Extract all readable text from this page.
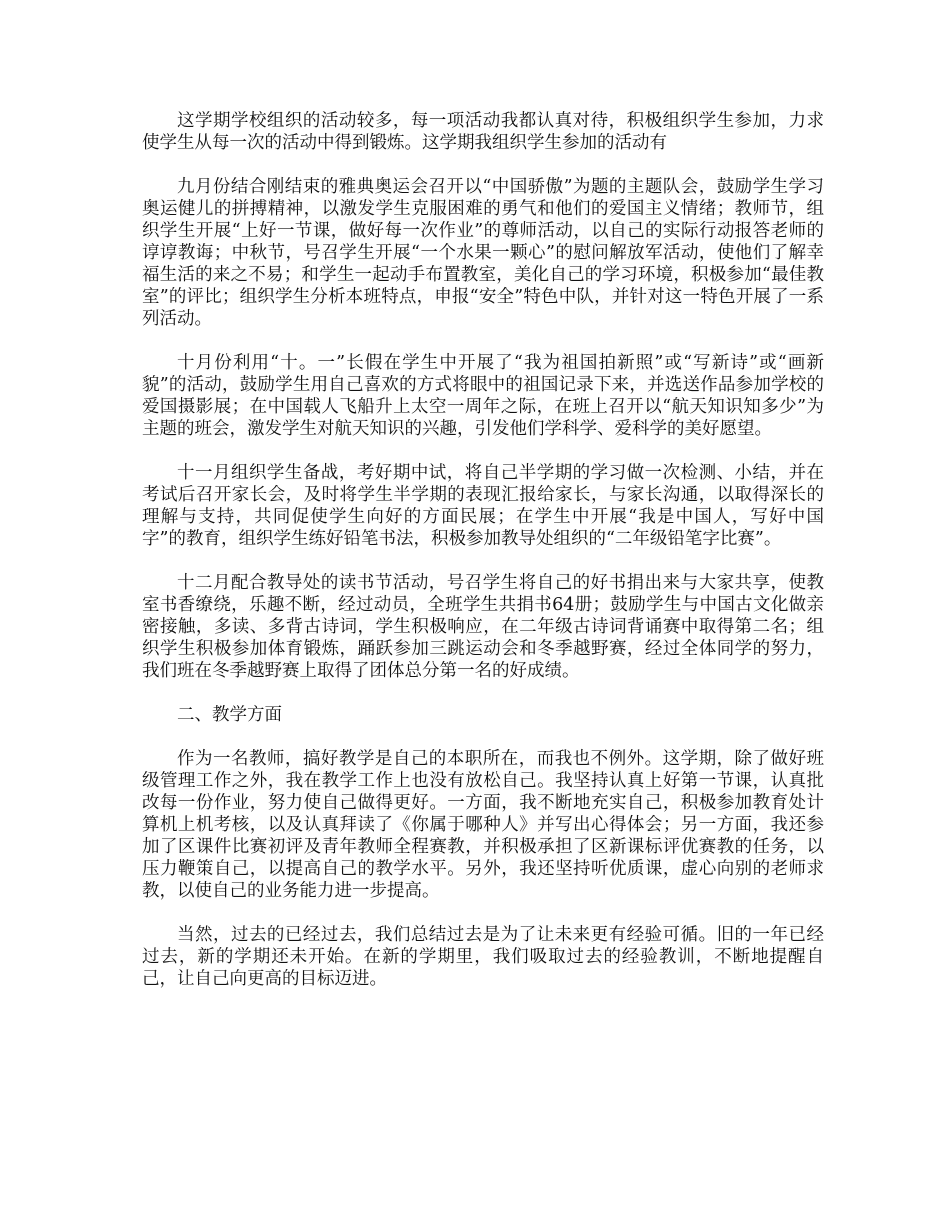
这学期学校组织的活动较多，每一项活动我都认真对待，积极组织学生参加，力求使学生从每一次的活动中得到锻炼。这学期我组织学生参加的活动有

九月份结合刚结束的雅典奥运会召开以“中国骄傲”为题的主题队会，鼓励学生学习奥运健儿的拼搏精神，以激发学生克服困难的勇气和他们的爱国主义情绪；教师节，组织学生开展“上好一节课，做好每一次作业”的尊师活动，以自己的实际行动报答老师的谆谆教诲；中秋节，号召学生开展“一个水果一颗心”的慰问解放军活动，使他们了解幸福生活的来之不易；和学生一起动手布置教室，美化自己的学习环境，积极参加“最佳教室”的评比；组织学生分析本班特点，申报“安全”特色中队，并针对这一特色开展了一系列活动。

十月份利用“十。一”长假在学生中开展了“我为祖国拍新照”或“写新诗”或“画新貌”的活动，鼓励学生用自己喜欢的方式将眼中的祖国记录下来，并选送作品参加学校的爱国摄影展；在中国载人飞船升上太空一周年之际，在班上召开以“航天知识知多少”为主题的班会，激发学生对航天知识的兴趣，引发他们学科学、爱科学的美好愿望。

十一月组织学生备战，考好期中试，将自己半学期的学习做一次检测、小结，并在考试后召开家长会，及时将学生半学期的表现汇报给家长，与家长沟通，以取得深长的理解与支持，共同促使学生向好的方面民展；在学生中开展“我是中国人，写好中国字”的教育，组织学生练好铅笔书法，积极参加教导处组织的“二年级铅笔字比赛”。

十二月配合教导处的读书节活动，号召学生将自己的好书捐出来与大家共享，使教室书香缭绕，乐趣不断，经过动员，全班学生共捐书64册；鼓励学生与中国古文化做亲密接触，多读、多背古诗词，学生积极响应，在二年级古诗词背诵赛中取得第二名；组织学生积极参加体育锻炼，踊跃参加三跳运动会和冬季越野赛，经过全体同学的努力，我们班在冬季越野赛上取得了团体总分第一名的好成绩。

二、教学方面

作为一名教师，搞好教学是自己的本职所在，而我也不例外。这学期，除了做好班级管理工作之外，我在教学工作上也没有放松自己。我坚持认真上好第一节课，认真批改每一份作业，努力使自己做得更好。一方面，我不断地充实自己，积极参加教育处计算机上机考核，以及认真拜读了《你属于哪种人》并写出心得体会；另一方面，我还参加了区课件比赛初评及青年教师全程赛教，并积极承担了区新课标评优赛教的任务，以压力鞭策自己，以提高自己的教学水平。另外，我还坚持听优质课，虚心向别的老师求教，以使自己的业务能力进一步提高。

当然，过去的已经过去，我们总结过去是为了让未来更有经验可循。旧的一年已经过去，新的学期还未开始。在新的学期里，我们吸取过去的经验教训，不断地提醒自己，让自己向更高的目标迈进。
